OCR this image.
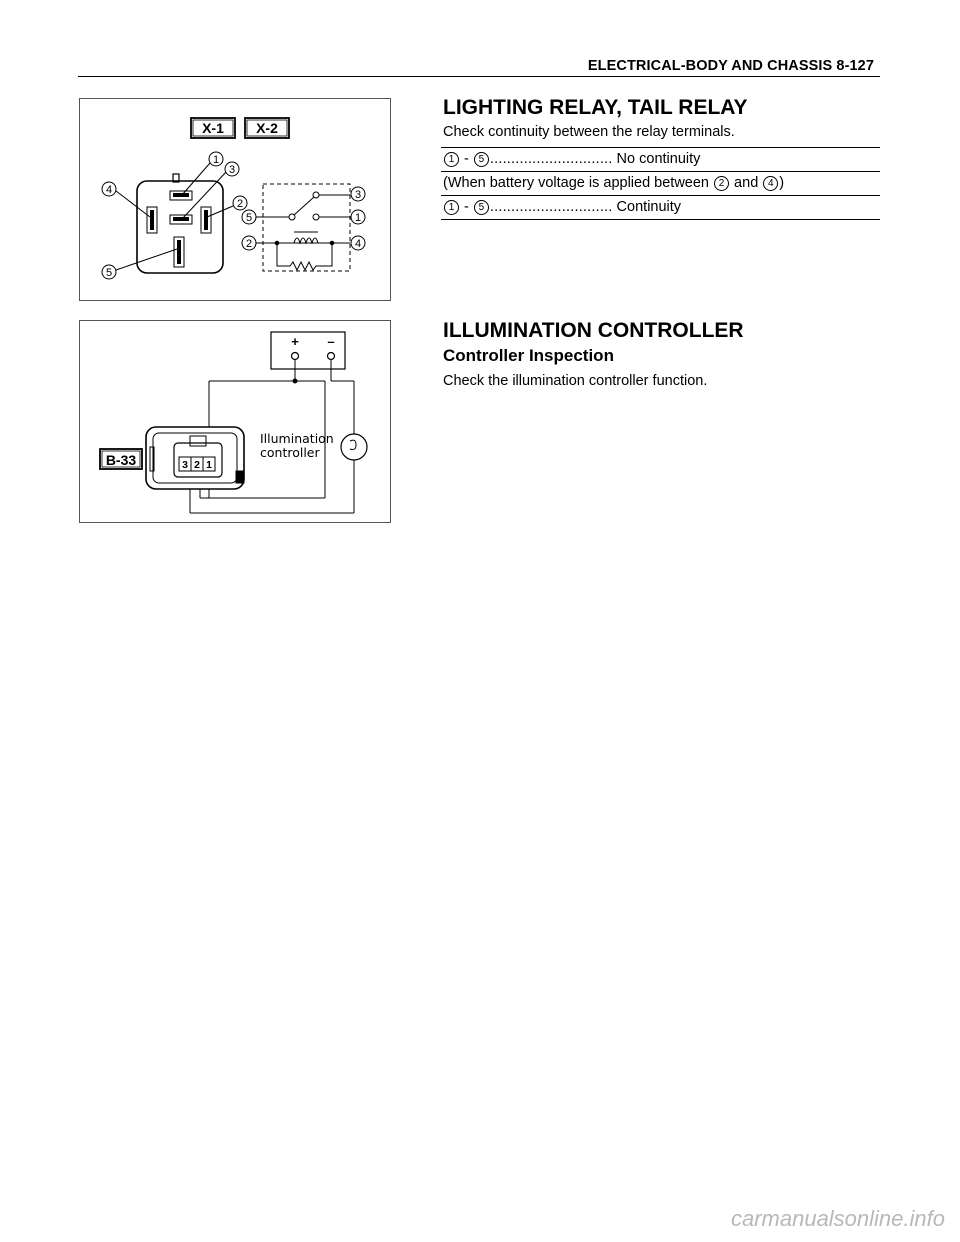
ELECTRICAL-BODY AND CHASSIS 8-127
X-1 X-2
1
3
2
4
5
5
2
3
1
4
LIGHTING RELAY, TAIL RELAY

Check continuity between the relay terminals.

1 - 5 ............................. No continuity
(When battery voltage is applied between 2 and 4 )
1 - 5 ............................. Continuity
+ –
3 2 1
B-33
Illumination
controller
ILLUMINATION CONTROLLER
Controller Inspection

Check the illumination controller function.

carmanualsonline.info
